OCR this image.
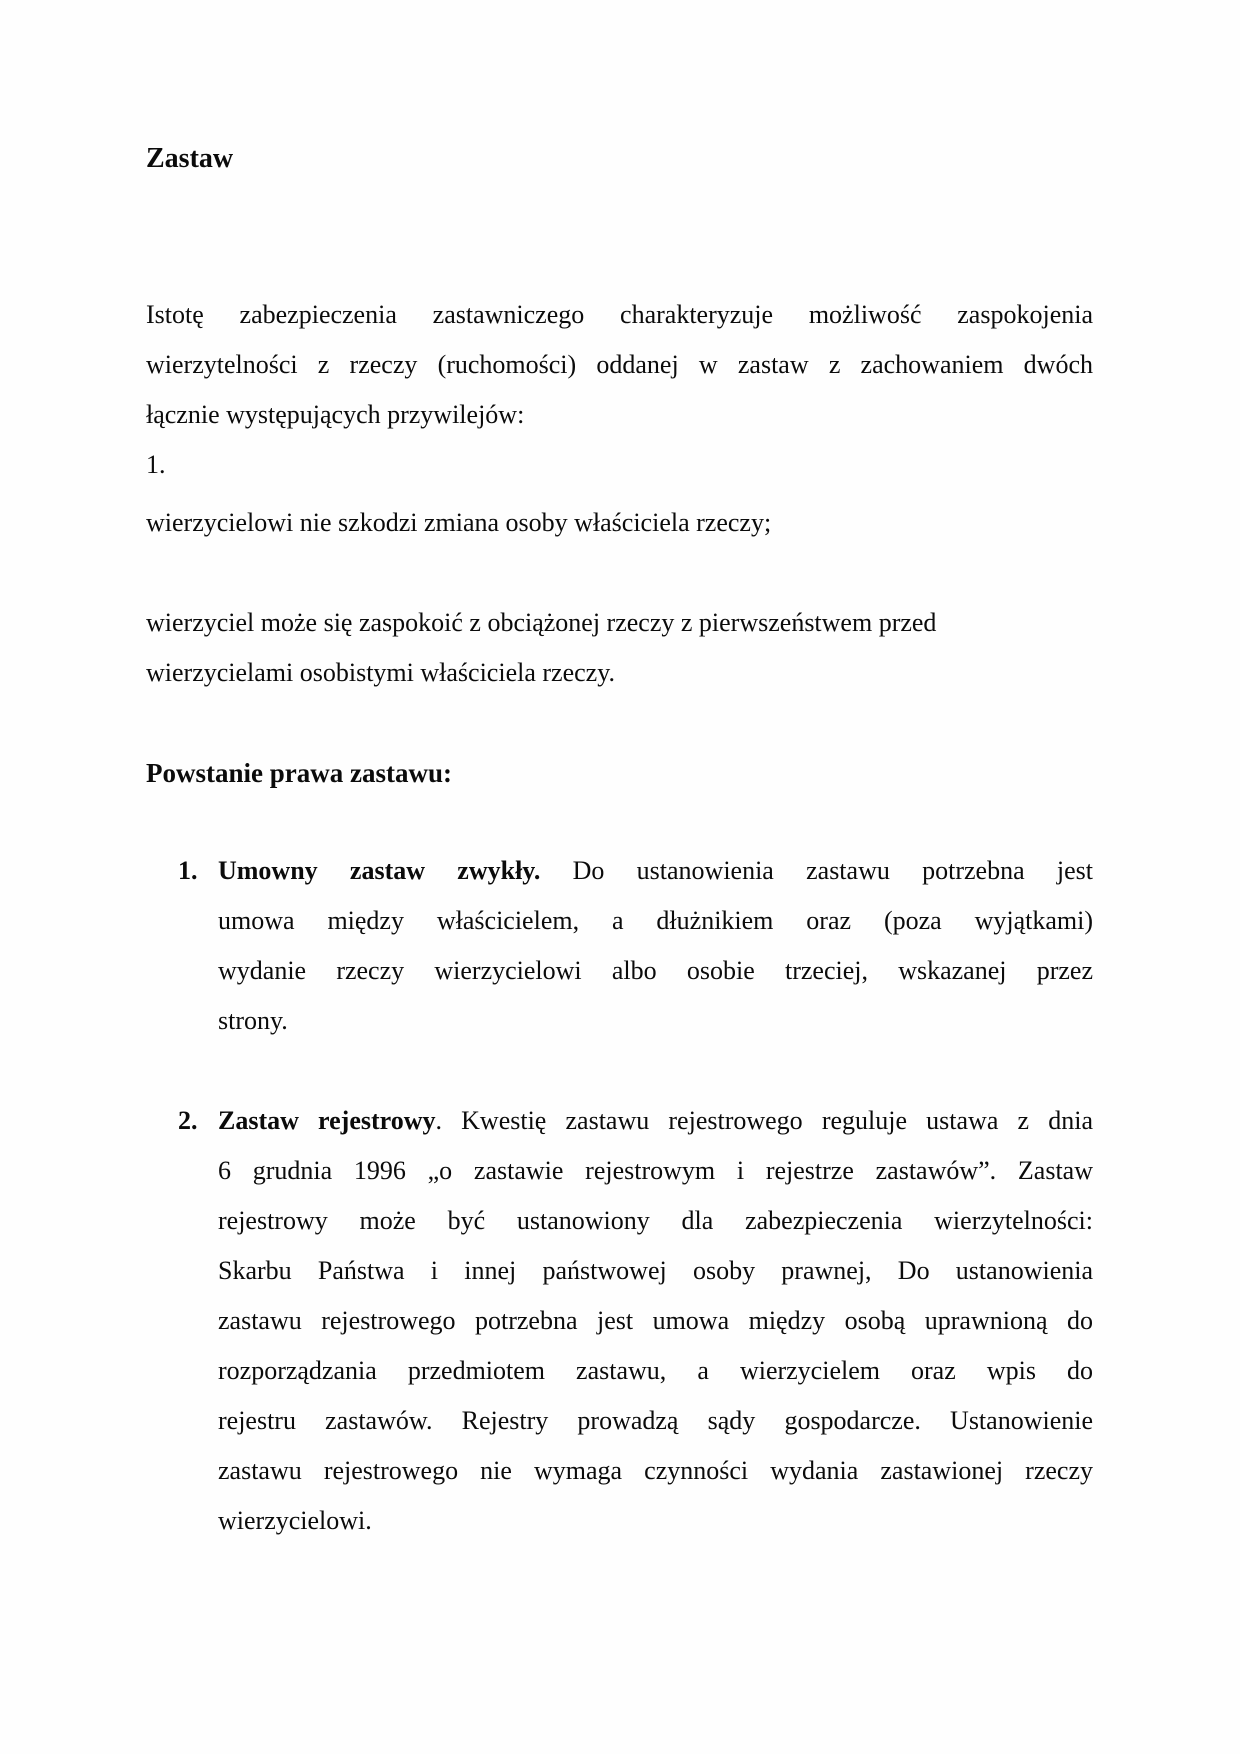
Zastaw
Istotę zabezpieczenia zastawniczego charakteryzuje możliwość zaspokojenia
wierzytelności z rzeczy (ruchomości) oddanej w zastaw z zachowaniem dwóch
łącznie występujących przywilejów:
1.
wierzycielowi nie szkodzi zmiana osoby właściciela rzeczy;
wierzyciel może się zaspokoić z obciążonej rzeczy z pierwszeństwem przed
wierzycielami osobistymi właściciela rzeczy.
Powstanie prawa zastawu:
1. Umowny zastaw zwykły. Do ustanowienia zastawu potrzebna jest
umowa między właścicielem, a dłużnikiem oraz (poza wyjątkami)
wydanie rzeczy wierzycielowi albo osobie trzeciej, wskazanej przez
strony.
2. Zastaw rejestrowy. Kwestię zastawu rejestrowego reguluje ustawa z dnia
6 grudnia 1996 „o zastawie rejestrowym i rejestrze zastawów”. Zastaw
rejestrowy może być ustanowiony dla zabezpieczenia wierzytelności:
Skarbu Państwa i innej państwowej osoby prawnej, Do ustanowienia
zastawu rejestrowego potrzebna jest umowa między osobą uprawnioną do
rozporządzania przedmiotem zastawu, a wierzycielem oraz wpis do
rejestru zastawów. Rejestry prowadzą sądy gospodarcze. Ustanowienie
zastawu rejestrowego nie wymaga czynności wydania zastawionej rzeczy
wierzycielowi.
